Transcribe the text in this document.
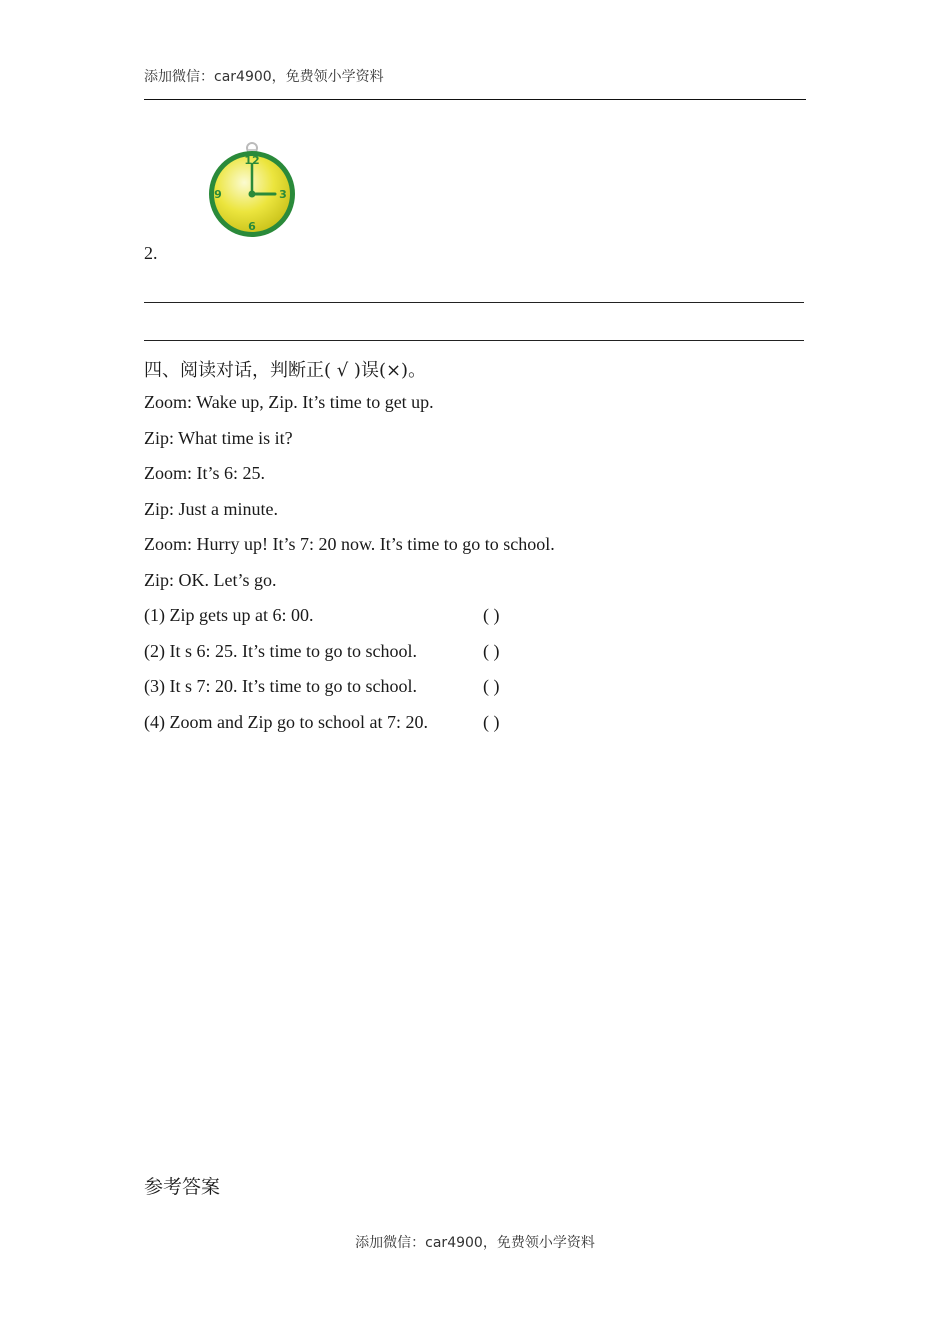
添加微信：car4900，免费领小学资料
12
3
6
9
2.
四、阅读对话，判断正( √ )误(×)。
Zoom: Wake up, Zip. It’s time to get up.
Zip: What time is it?
Zoom: It’s 6: 25.
Zip: Just a minute.
Zoom: Hurry up! It’s 7: 20 now. It’s time to go to school.
Zip: OK. Let’s go.
(1) Zip gets up at 6: 00.	( )
(2) It s 6: 25. It’s time to go to school.	( )
(3) It s 7: 20. It’s time to go to school.	( )
(4) Zoom and Zip go to school at 7: 20.	( )
参考答案
添加微信：car4900，免费领小学资料
